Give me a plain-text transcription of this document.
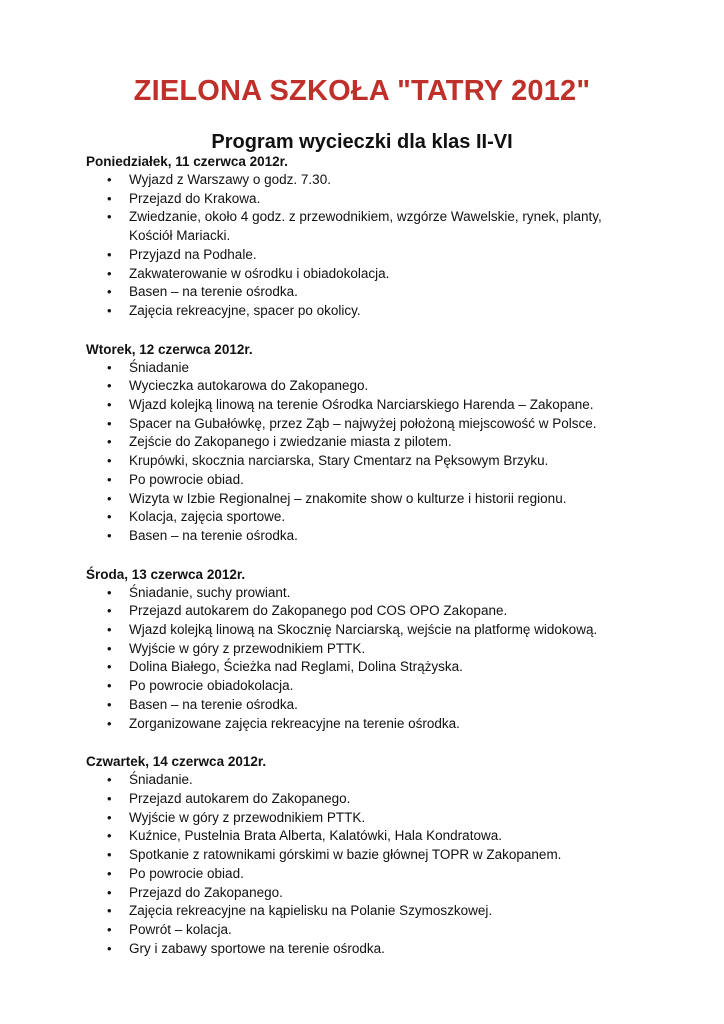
ZIELONA SZKOŁA "TATRY 2012"
Program wycieczki dla klas II-VI

Poniedziałek, 11 czerwca 2012r.

• Wyjazd z Warszawy o godz. 7.30.
• Przejazd do Krakowa.
• Zwiedzanie, około 4 godz. z przewodnikiem, wzgórze Wawelskie, rynek, planty, Kościół Mariacki.
• Przyjazd na Podhale.
• Zakwaterowanie w ośrodku i obiadokolacja.
• Basen – na terenie ośrodka.
• Zajęcia rekreacyjne, spacer po okolicy.

Wtorek, 12 czerwca 2012r.

• Śniadanie
• Wycieczka autokarowa do Zakopanego.
• Wjazd kolejką linową na terenie Ośrodka Narciarskiego Harenda – Zakopane.
• Spacer na Gubałówkę, przez Ząb – najwyżej położoną miejscowość w Polsce.
• Zejście do Zakopanego i zwiedzanie miasta z pilotem.
• Krupówki, skocznia narciarska, Stary Cmentarz na Pęksowym Brzyku.
• Po powrocie obiad.
• Wizyta w Izbie Regionalnej – znakomite show o kulturze i historii regionu.
• Kolacja, zajęcia sportowe.
• Basen – na terenie ośrodka.

Środa, 13 czerwca 2012r.

• Śniadanie, suchy prowiant.
• Przejazd autokarem do Zakopanego pod COS OPO Zakopane.
• Wjazd kolejką linową na Skocznię Narciarską, wejście na platformę widokową.
• Wyjście w góry z przewodnikiem PTTK.
• Dolina Białego, Ścieżka nad Reglami, Dolina Strążyska.
• Po powrocie obiadokolacja.
• Basen – na terenie ośrodka.
• Zorganizowane zajęcia rekreacyjne na terenie ośrodka.

Czwartek, 14 czerwca 2012r.

• Śniadanie.
• Przejazd autokarem do Zakopanego.
• Wyjście w góry z przewodnikiem PTTK.
• Kuźnice, Pustelnia Brata Alberta, Kalatówki, Hala Kondratowa.
• Spotkanie z ratownikami górskimi w bazie głównej TOPR w Zakopanem.
• Po powrocie obiad.
• Przejazd do Zakopanego.
• Zajęcia rekreacyjne na kąpielisku na Polanie Szymoszkowej.
• Powrót – kolacja.
• Gry i zabawy sportowe na terenie ośrodka.
